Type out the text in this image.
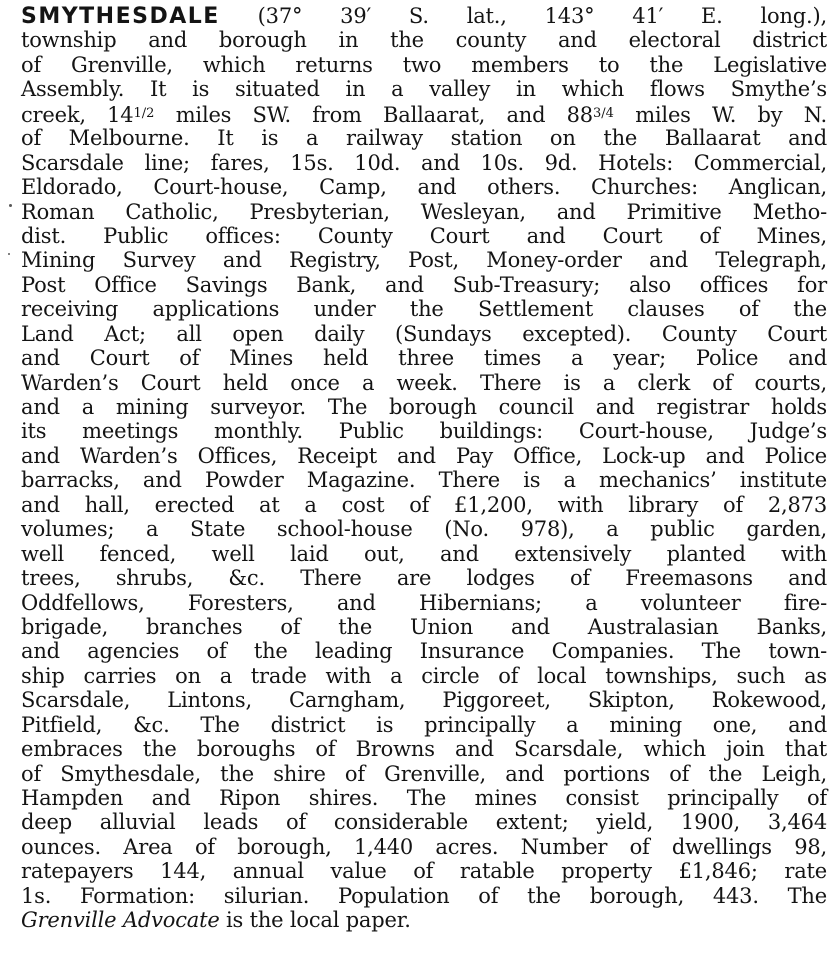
SMYTHESDALE (37° 39′ S. lat., 143° 41′ E. long.),
township and borough in the county and electoral district
of Grenville, which returns two members to the Legislative
Assembly. It is situated in a valley in which flows Smythe’s
creek, $14^{1/2}$ miles SW. from Ballaarat, and $88^{3/4}$ miles W. by N.
of Melbourne. It is a railway station on the Ballaarat and
Scarsdale line; fares, 15s. 10d. and 10s. 9d. Hotels: Commercial,
Eldorado, Court-house, Camp, and others. Churches: Anglican,
Roman Catholic, Presbyterian, Wesleyan, and Primitive Metho-
dist. Public offices: County Court and Court of Mines,
Mining Survey and Registry, Post, Money-order and Telegraph,
Post Office Savings Bank, and Sub-Treasury; also offices for
receiving applications under the Settlement clauses of the
Land Act; all open daily (Sundays excepted). County Court
and Court of Mines held three times a year; Police and
Warden’s Court held once a week. There is a clerk of courts,
and a mining surveyor. The borough council and registrar holds
its meetings monthly. Public buildings: Court-house, Judge’s
and Warden’s Offices, Receipt and Pay Office, Lock-up and Police
barracks, and Powder Magazine. There is a mechanics’ institute
and hall, erected at a cost of £1,200, with library of 2,873
volumes; a State school-house (No. 978), a public garden,
well fenced, well laid out, and extensively planted with
trees, shrubs, &c. There are lodges of Freemasons and
Oddfellows, Foresters, and Hibernians; a volunteer fire-
brigade, branches of the Union and Australasian Banks,
and agencies of the leading Insurance Companies. The town-
ship carries on a trade with a circle of local townships, such as
Scarsdale, Lintons, Carngham, Piggoreet, Skipton, Rokewood,
Pitfield, &c. The district is principally a mining one, and
embraces the boroughs of Browns and Scarsdale, which join that
of Smythesdale, the shire of Grenville, and portions of the Leigh,
Hampden and Ripon shires. The mines consist principally of
deep alluvial leads of considerable extent; yield, 1900, 3,464
ounces. Area of borough, 1,440 acres. Number of dwellings 98,
ratepayers 144, annual value of ratable property £1,846; rate
1s. Formation: silurian. Population of the borough, 443. The
Grenville Advocate is the local paper.
